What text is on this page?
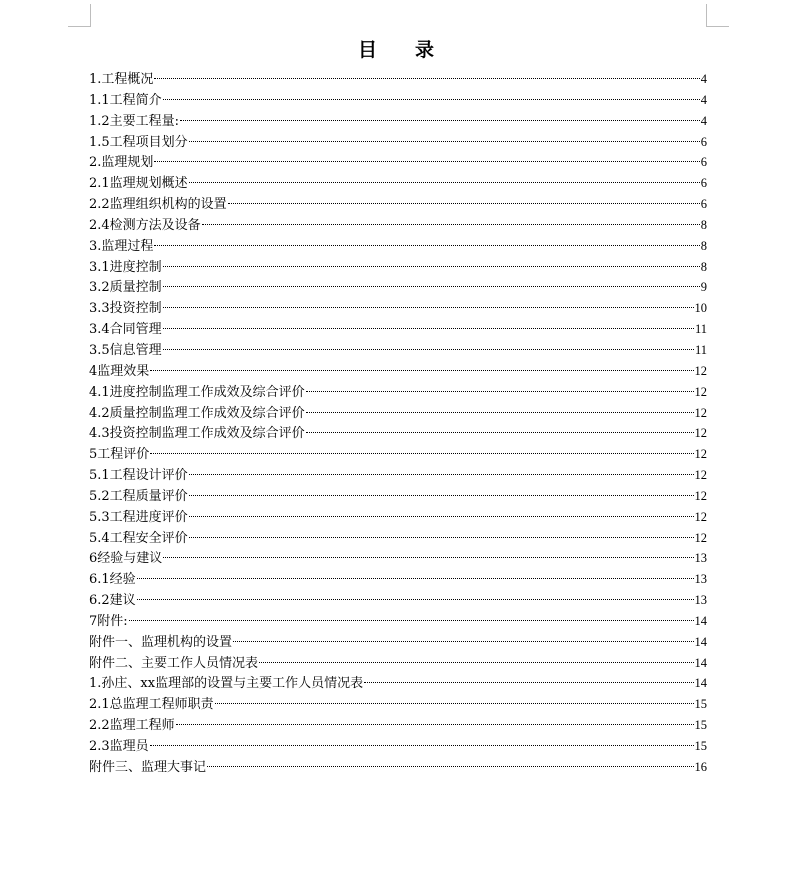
目 录
1.工程概况	4
1.1工程简介	4
1.2主要工程量:	4
1.5工程项目划分	6
2.监理规划	6
2.1监理规划概述	6
2.2监理组织机构的设置	6
2.4检测方法及设备	8
3.监理过程	8
3.1进度控制	8
3.2质量控制	9
3.3投资控制	10
3.4合同管理	11
3.5信息管理	11
4监理效果	12
4.1进度控制监理工作成效及综合评价	12
4.2质量控制监理工作成效及综合评价	12
4.3投资控制监理工作成效及综合评价	12
5工程评价	12
5.1工程设计评价	12
5.2工程质量评价	12
5.3工程进度评价	12
5.4工程安全评价	12
6经验与建议	13
6.1经验	13
6.2建议	13
7附件:	14
附件一、监理机构的设置	14
附件二、主要工作人员情况表	14
1.孙庄、xx监理部的设置与主要工作人员情况表	14
2.1总监理工程师职责	15
2.2监理工程师	15
2.3监理员	15
附件三、监理大事记	16
